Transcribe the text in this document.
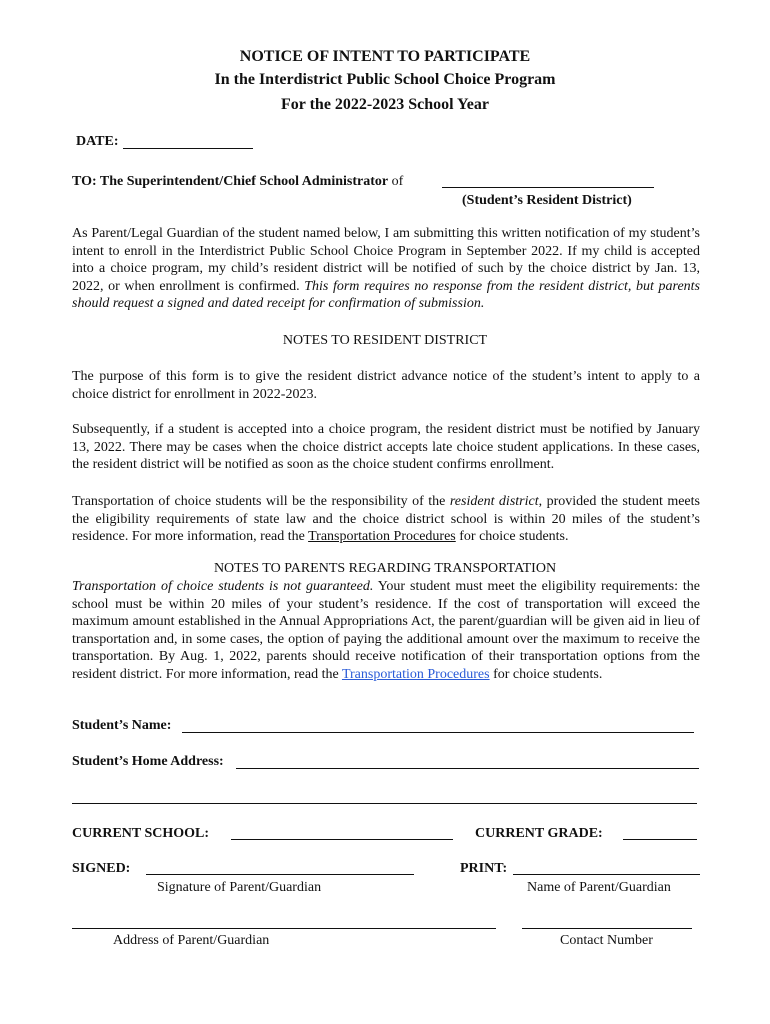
NOTICE OF INTENT TO PARTICIPATE
In the Interdistrict Public School Choice Program
For the 2022-2023 School Year
DATE:
TO: The Superintendent/Chief School Administrator of
(Student’s Resident District)
As Parent/Legal Guardian of the student named below, I am submitting this written notification of my student’s intent to enroll in the Interdistrict Public School Choice Program in September 2022. If my child is accepted into a choice program, my child’s resident district will be notified of such by the choice district by Jan. 13, 2022, or when enrollment is confirmed. This form requires no response from the resident district, but parents should request a signed and dated receipt for confirmation of submission.
NOTES TO RESIDENT DISTRICT
The purpose of this form is to give the resident district advance notice of the student’s intent to apply to a choice district for enrollment in 2022-2023.
Subsequently, if a student is accepted into a choice program, the resident district must be notified by January 13, 2022. There may be cases when the choice district accepts late choice student applications. In these cases, the resident district will be notified as soon as the choice student confirms enrollment.
Transportation of choice students will be the responsibility of the resident district, provided the student meets the eligibility requirements of state law and the choice district school is within 20 miles of the student’s residence. For more information, read the Transportation Procedures for choice students.
NOTES TO PARENTS REGARDING TRANSPORTATION
Transportation of choice students is not guaranteed. Your student must meet the eligibility requirements: the school must be within 20 miles of your student’s residence. If the cost of transportation will exceed the maximum amount established in the Annual Appropriations Act, the parent/guardian will be given aid in lieu of transportation and, in some cases, the option of paying the additional amount over the maximum to receive the transportation. By Aug. 1, 2022, parents should receive notification of their transportation options from the resident district. For more information, read the Transportation Procedures for choice students.
Student’s Name:
Student’s Home Address:
CURRENT SCHOOL:	CURRENT GRADE:
SIGNED:
Signature of Parent/Guardian
PRINT:
Name of Parent/Guardian
Address of Parent/Guardian	Contact Number
